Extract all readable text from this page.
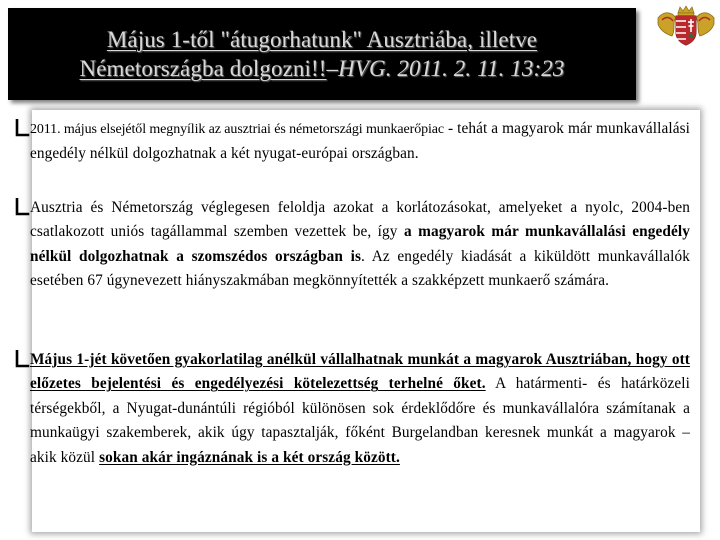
Május 1-től "átugorhatunk" Ausztriába, illetve
Németországba dolgozni!!–HVG. 2011. 2. 11. 13:23
2011. május elsejétől megnyílik az ausztriai és németországi munkaerőpiac - tehát a magyarok már munkavállalási engedély nélkül dolgozhatnak a két nyugat-európai országban.
Ausztria és Németország véglegesen feloldja azokat a korlátozásokat, amelyeket a nyolc, 2004-ben csatlakozott uniós tagállammal szemben vezettek be, így a magyarok már munkavállalási engedély nélkül dolgozhatnak a szomszédos országban is. Az engedély kiadását a kiküldött munkavállalók esetében 67 úgynevezett hiányszakmában megkönnyítették a szakképzett munkaerő számára.
Május 1-jét követően gyakorlatilag anélkül vállalhatnak munkát a magyarok Ausztriában, hogy ott előzetes bejelentési és engedélyezési kötelezettség terhelné őket. A határmenti- és határközeli térségekből, a Nyugat-dunántúli régióból különösen sok érdeklődőre és munkavállalóra számítanak a munkaügyi szakemberek, akik úgy tapasztalják, főként Burgelandban keresnek munkát a magyarok – akik közül sokan akár ingáznának is a két ország között.
